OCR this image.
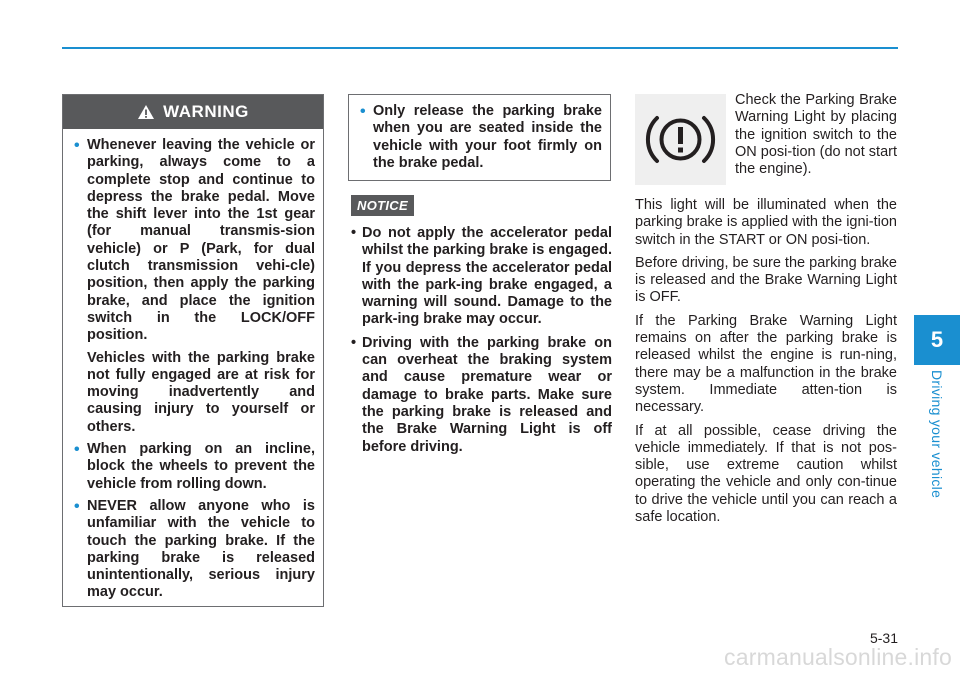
WARNING
• Whenever leaving the vehicle or parking, always come to a complete stop and continue to depress the brake pedal. Move the shift lever into the 1st gear (for manual transmis-sion vehicle) or P (Park, for dual clutch transmission vehi-cle) position, then apply the parking brake, and place the ignition switch in the LOCK/OFF position.

Vehicles with the parking brake not fully engaged are at risk for moving inadvertently and causing injury to yourself or others.

• When parking on an incline, block the wheels to prevent the vehicle from rolling down.
• NEVER allow anyone who is unfamiliar with the vehicle to touch the parking brake. If the parking brake is released unintentionally, serious injury may occur.
• Only release the parking brake when you are seated inside the vehicle with your foot firmly on the brake pedal.
NOTICE
• Do not apply the accelerator pedal whilst the parking brake is engaged. If you depress the accelerator pedal with the park-ing brake engaged, a warning will sound. Damage to the park-ing brake may occur.
• Driving with the parking brake on can overheat the braking system and cause premature wear or damage to brake parts. Make sure the parking brake is released and the Brake Warning Light is off before driving.

Check the Parking Brake Warning Light by placing the ignition switch to the ON posi-tion (do not start the engine).

This light will be illuminated when the parking brake is applied with the igni-tion switch in the START or ON posi-tion.

Before driving, be sure the parking brake is released and the Brake Warning Light is OFF.

If the Parking Brake Warning Light remains on after the parking brake is released whilst the engine is run-ning, there may be a malfunction in the brake system. Immediate atten-tion is necessary.

If at all possible, cease driving the vehicle immediately. If that is not pos-sible, use extreme caution whilst operating the vehicle and only con-tinue to drive the vehicle until you can reach a safe location.

5
Driving your vehicle
5-31
carmanualsonline.info
